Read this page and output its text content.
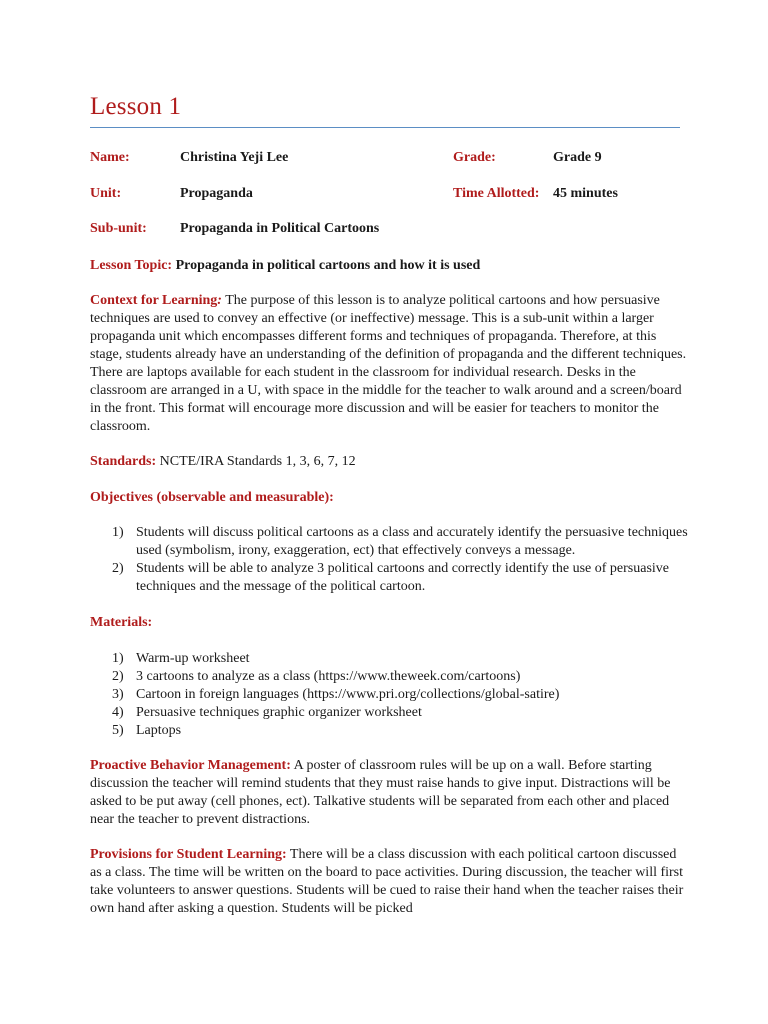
Lesson 1
Name:	Christina Yeji Lee	Grade:	Grade 9
Unit:	Propaganda	Time Allotted: 45 minutes
Sub-unit: Propaganda in Political Cartoons
Lesson Topic: Propaganda in political cartoons and how it is used
Context for Learning: The purpose of this lesson is to analyze political cartoons and how persuasive techniques are used to convey an effective (or ineffective) message. This is a sub-unit within a larger propaganda unit which encompasses different forms and techniques of propaganda. Therefore, at this stage, students already have an understanding of the definition of propaganda and the different techniques. There are laptops available for each student in the classroom for individual research. Desks in the classroom are arranged in a U, with space in the middle for the teacher to walk around and a screen/board in the front. This format will encourage more discussion and will be easier for teachers to monitor the classroom.
Standards: NCTE/IRA Standards 1, 3, 6, 7, 12
Objectives (observable and measurable):
1) Students will discuss political cartoons as a class and accurately identify the persuasive techniques used (symbolism, irony, exaggeration, ect) that effectively conveys a message.
2) Students will be able to analyze 3 political cartoons and correctly identify the use of persuasive techniques and the message of the political cartoon.
Materials:
1) Warm-up worksheet
2) 3 cartoons to analyze as a class (https://www.theweek.com/cartoons)
3) Cartoon in foreign languages (https://www.pri.org/collections/global-satire)
4) Persuasive techniques graphic organizer worksheet
5) Laptops
Proactive Behavior Management: A poster of classroom rules will be up on a wall. Before starting discussion the teacher will remind students that they must raise hands to give input. Distractions will be asked to be put away (cell phones, ect). Talkative students will be separated from each other and placed near the teacher to prevent distractions.
Provisions for Student Learning: There will be a class discussion with each political cartoon discussed as a class. The time will be written on the board to pace activities. During discussion, the teacher will first take volunteers to answer questions. Students will be cued to raise their hand when the teacher raises their own hand after asking a question. Students will be picked
